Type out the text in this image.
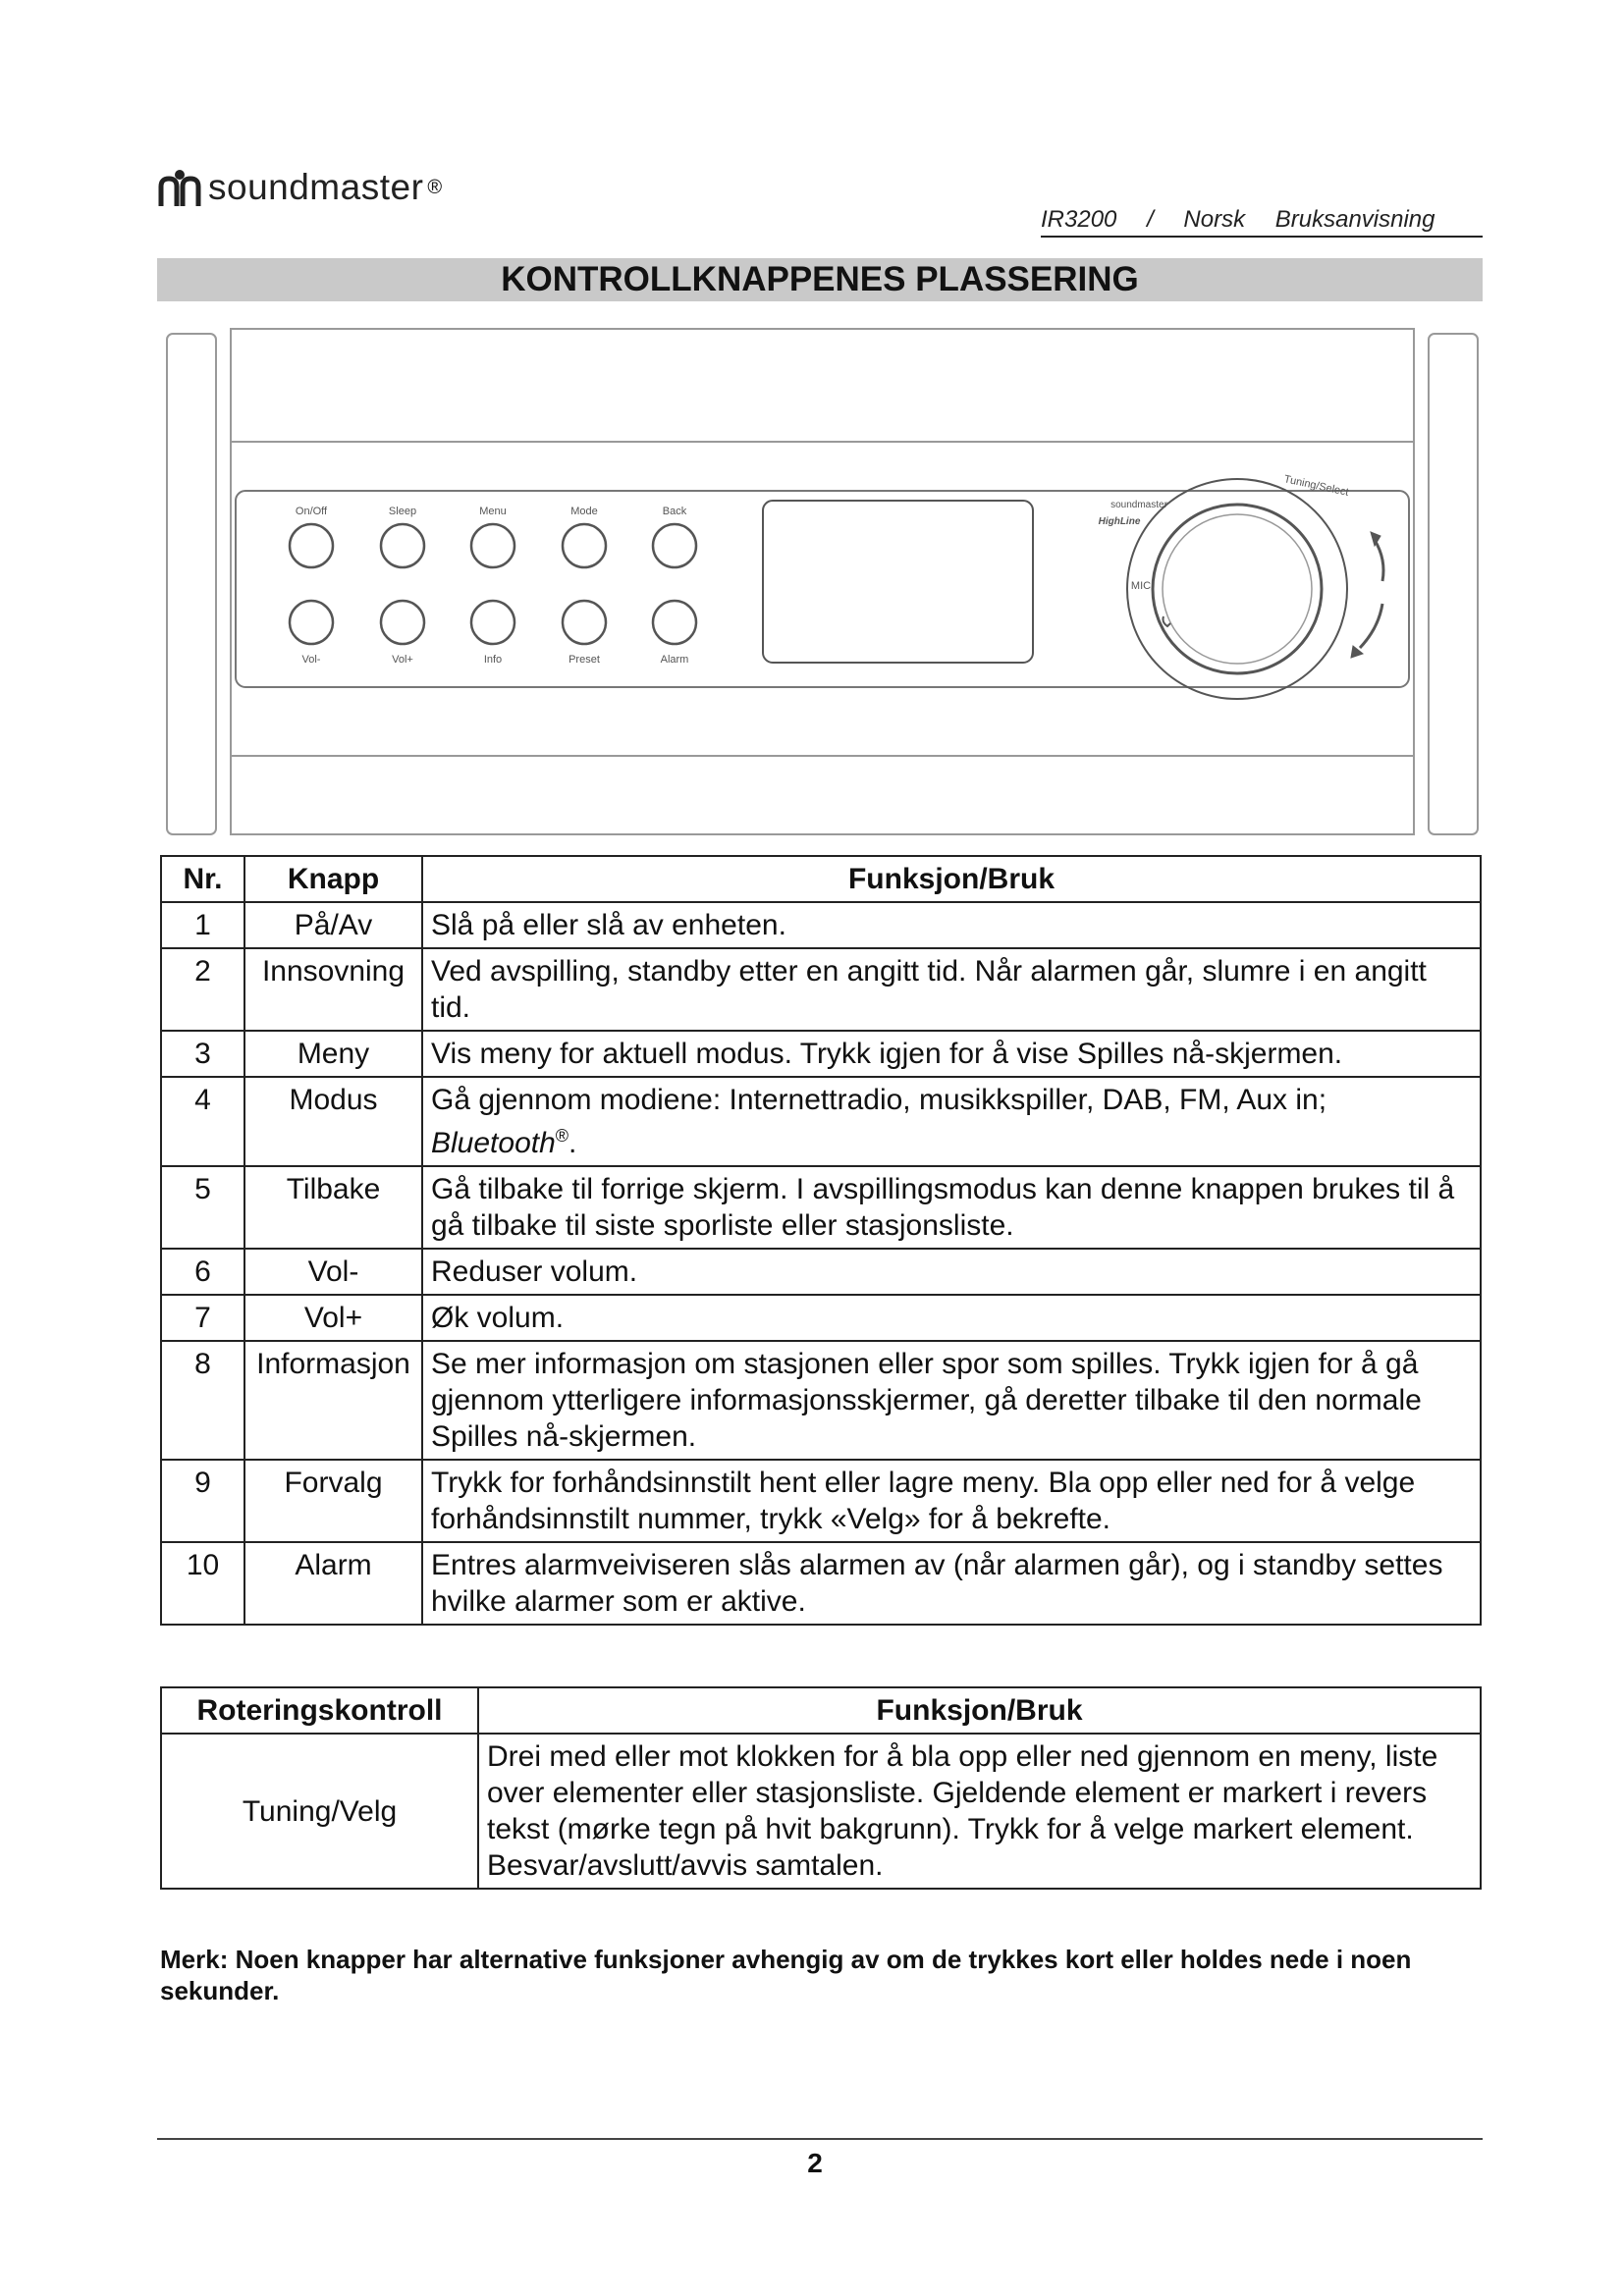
soundmaster ®
IR3200 / Norsk Bruksanvisning
KONTROLLKNAPPENES PLASSERING
On/Off	Sleep	Menu	Mode	Back
Vol-	Vol+	Info	Preset	Alarm
MIC
Tuning/Select
soundmaster
HighLine
Nr.	Knapp	Funksjon/Bruk
1	På/Av	Slå på eller slå av enheten.
2	Innsovning	Ved avspilling, standby etter en angitt tid. Når alarmen går, slumre i en angitt tid.
3	Meny	Vis meny for aktuell modus. Trykk igjen for å vise Spilles nå-skjermen.
4	Modus	Gå gjennom modiene: Internettradio, musikkspiller, DAB, FM, Aux in;
Bluetooth®.
5	Tilbake	Gå tilbake til forrige skjerm. I avspillingsmodus kan denne knappen brukes til å gå tilbake til siste sporliste eller stasjonsliste.
6	Vol-	Reduser volum.
7	Vol+	Øk volum.
8	Informasjon	Se mer informasjon om stasjonen eller spor som spilles. Trykk igjen for å gå gjennom ytterligere informasjonsskjermer, gå deretter tilbake til den normale Spilles nå-skjermen.
9	Forvalg	Trykk for forhåndsinnstilt hent eller lagre meny. Bla opp eller ned for å velge forhåndsinnstilt nummer, trykk «Velg» for å bekrefte.
10	Alarm	Entres alarmveiviseren slås alarmen av (når alarmen går), og i standby settes hvilke alarmer som er aktive.
Roteringskontroll	Funksjon/Bruk
Tuning/Velg	Drei med eller mot klokken for å bla opp eller ned gjennom en meny, liste over elementer eller stasjonsliste. Gjeldende element er markert i revers tekst (mørke tegn på hvit bakgrunn). Trykk for å velge markert element.
Besvar/avslutt/avvis samtalen.
Merk: Noen knapper har alternative funksjoner avhengig av om de trykkes kort eller holdes nede i noen sekunder.
2
